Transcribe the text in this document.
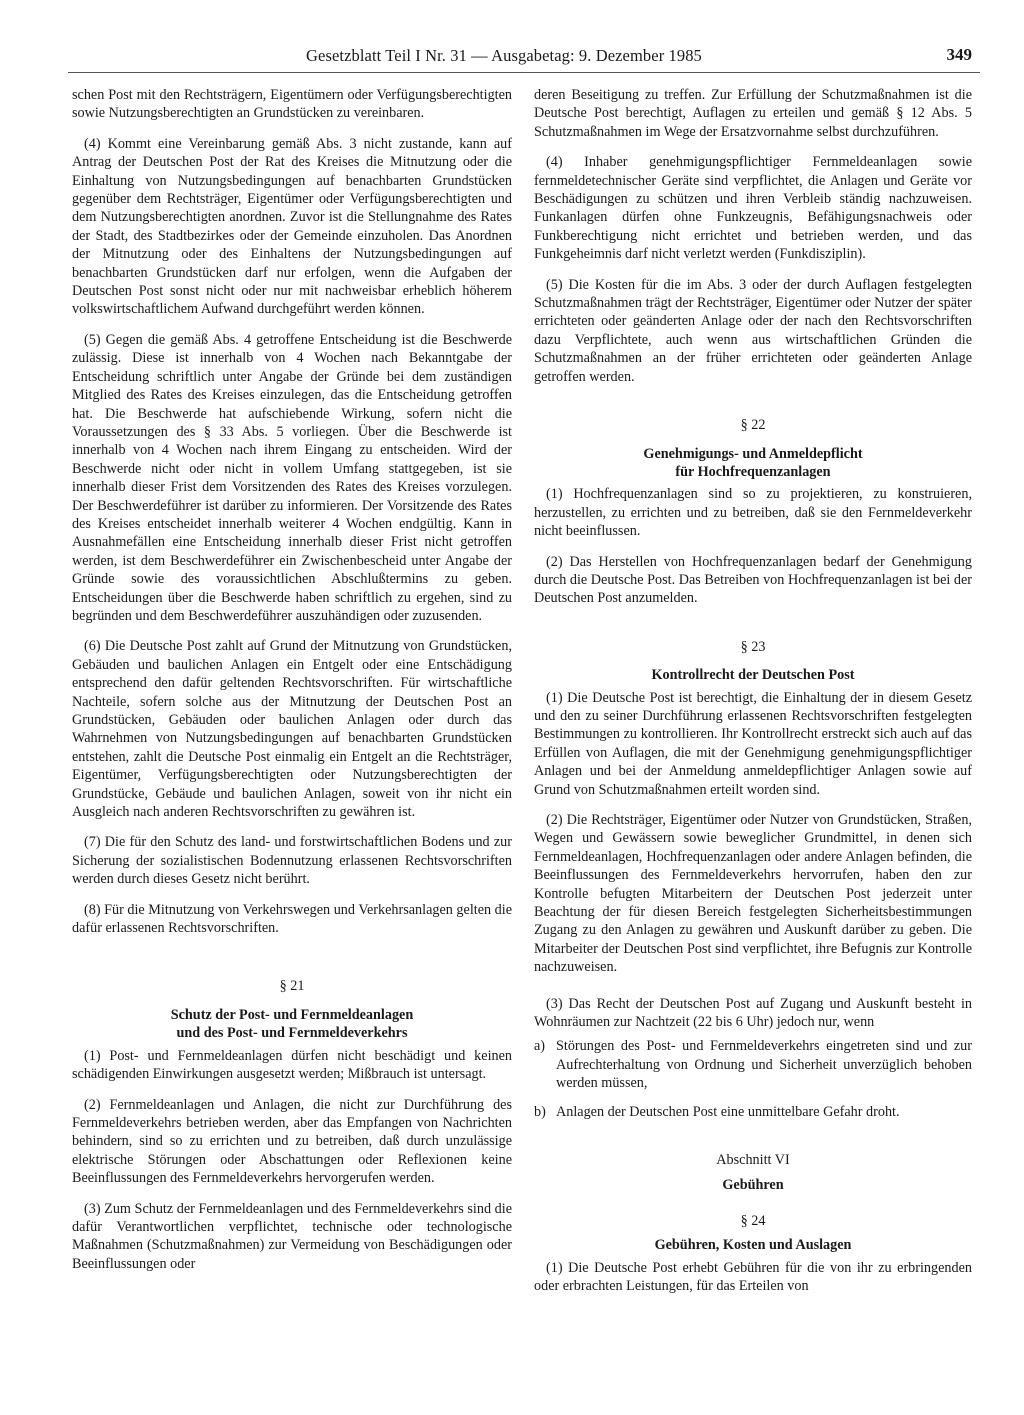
Gesetzblatt Teil I Nr. 31 — Ausgabetag: 9. Dezember 1985	349

schen Post mit den Rechtsträgern, Eigentümern oder Verfügungsberechtigten sowie Nutzungsberechtigten an Grundstücken zu vereinbaren.

(4) Kommt eine Vereinbarung gemäß Abs. 3 nicht zustande, kann auf Antrag der Deutschen Post der Rat des Kreises die Mitnutzung oder die Einhaltung von Nutzungsbedingungen auf benachbarten Grundstücken gegenüber dem Rechtsträger, Eigentümer oder Verfügungsberechtigten und dem Nutzungsberechtigten anordnen. Zuvor ist die Stellungnahme des Rates der Stadt, des Stadtbezirkes oder der Gemeinde einzuholen. Das Anordnen der Mitnutzung oder des Einhaltens der Nutzungsbedingungen auf benachbarten Grundstücken darf nur erfolgen, wenn die Aufgaben der Deutschen Post sonst nicht oder nur mit nachweisbar erheblich höherem volkswirtschaftlichem Aufwand durchgeführt werden können.

(5) Gegen die gemäß Abs. 4 getroffene Entscheidung ist die Beschwerde zulässig. Diese ist innerhalb von 4 Wochen nach Bekanntgabe der Entscheidung schriftlich unter Angabe der Gründe bei dem zuständigen Mitglied des Rates des Kreises einzulegen, das die Entscheidung getroffen hat. Die Beschwerde hat aufschiebende Wirkung, sofern nicht die Voraussetzungen des § 33 Abs. 5 vorliegen. Über die Beschwerde ist innerhalb von 4 Wochen nach ihrem Eingang zu entscheiden. Wird der Beschwerde nicht oder nicht in vollem Umfang stattgegeben, ist sie innerhalb dieser Frist dem Vorsitzenden des Rates des Kreises vorzulegen. Der Beschwerdeführer ist darüber zu informieren. Der Vorsitzende des Rates des Kreises entscheidet innerhalb weiterer 4 Wochen endgültig. Kann in Ausnahmefällen eine Entscheidung innerhalb dieser Frist nicht getroffen werden, ist dem Beschwerdeführer ein Zwischenbescheid unter Angabe der Gründe sowie des voraussichtlichen Abschlußtermins zu geben. Entscheidungen über die Beschwerde haben schriftlich zu ergehen, sind zu begründen und dem Beschwerdeführer auszuhändigen oder zuzusenden.

(6) Die Deutsche Post zahlt auf Grund der Mitnutzung von Grundstücken, Gebäuden und baulichen Anlagen ein Entgelt oder eine Entschädigung entsprechend den dafür geltenden Rechtsvorschriften. Für wirtschaftliche Nachteile, sofern solche aus der Mitnutzung der Deutschen Post an Grundstücken, Gebäuden oder baulichen Anlagen oder durch das Wahrnehmen von Nutzungsbedingungen auf benachbarten Grundstücken entstehen, zahlt die Deutsche Post einmalig ein Entgelt an die Rechtsträger, Eigentümer, Verfügungsberechtigten oder Nutzungsberechtigten der Grundstücke, Gebäude und baulichen Anlagen, soweit von ihr nicht ein Ausgleich nach anderen Rechtsvorschriften zu gewähren ist.

(7) Die für den Schutz des land- und forstwirtschaftlichen Bodens und zur Sicherung der sozialistischen Bodennutzung erlassenen Rechtsvorschriften werden durch dieses Gesetz nicht berührt.

(8) Für die Mitnutzung von Verkehrswegen und Verkehrsanlagen gelten die dafür erlassenen Rechtsvorschriften.

§ 21
Schutz der Post- und Fernmeldeanlagen
und des Post- und Fernmeldeverkehrs

(1) Post- und Fernmeldeanlagen dürfen nicht beschädigt und keinen schädigenden Einwirkungen ausgesetzt werden; Mißbrauch ist untersagt.

(2) Fernmeldeanlagen und Anlagen, die nicht zur Durchführung des Fernmeldeverkehrs betrieben werden, aber das Empfangen von Nachrichten behindern, sind so zu errichten und zu betreiben, daß durch unzulässige elektrische Störungen oder Abschattungen oder Reflexionen keine Beeinflussungen des Fernmeldeverkehrs hervorgerufen werden.

(3) Zum Schutz der Fernmeldeanlagen und des Fernmeldeverkehrs sind die dafür Verantwortlichen verpflichtet, technische oder technologische Maßnahmen (Schutzmaßnahmen) zur Vermeidung von Beschädigungen oder Beeinflussungen oder

deren Beseitigung zu treffen. Zur Erfüllung der Schutzmaßnahmen ist die Deutsche Post berechtigt, Auflagen zu erteilen und gemäß § 12 Abs. 5 Schutzmaßnahmen im Wege der Ersatzvornahme selbst durchzuführen.

(4) Inhaber genehmigungspflichtiger Fernmeldeanlagen sowie fernmeldetechnischer Geräte sind verpflichtet, die Anlagen und Geräte vor Beschädigungen zu schützen und ihren Verbleib ständig nachzuweisen. Funkanlagen dürfen ohne Funkzeugnis, Befähigungsnachweis oder Funkberechtigung nicht errichtet und betrieben werden, und das Funkgeheimnis darf nicht verletzt werden (Funkdisziplin).

(5) Die Kosten für die im Abs. 3 oder der durch Auflagen festgelegten Schutzmaßnahmen trägt der Rechtsträger, Eigentümer oder Nutzer der später errichteten oder geänderten Anlage oder der nach den Rechtsvorschriften dazu Verpflichtete, auch wenn aus wirtschaftlichen Gründen die Schutzmaßnahmen an der früher errichteten oder geänderten Anlage getroffen werden.

§ 22
Genehmigungs- und Anmeldepflicht
für Hochfrequenzanlagen

(1) Hochfrequenzanlagen sind so zu projektieren, zu konstruieren, herzustellen, zu errichten und zu betreiben, daß sie den Fernmeldeverkehr nicht beeinflussen.

(2) Das Herstellen von Hochfrequenzanlagen bedarf der Genehmigung durch die Deutsche Post. Das Betreiben von Hochfrequenzanlagen ist bei der Deutschen Post anzumelden.

§ 23
Kontrollrecht der Deutschen Post

(1) Die Deutsche Post ist berechtigt, die Einhaltung der in diesem Gesetz und den zu seiner Durchführung erlassenen Rechtsvorschriften festgelegten Bestimmungen zu kontrollieren. Ihr Kontrollrecht erstreckt sich auch auf das Erfüllen von Auflagen, die mit der Genehmigung genehmigungspflichtiger Anlagen und bei der Anmeldung anmeldepflichtiger Anlagen sowie auf Grund von Schutzmaßnahmen erteilt worden sind.

(2) Die Rechtsträger, Eigentümer oder Nutzer von Grundstücken, Straßen, Wegen und Gewässern sowie beweglicher Grundmittel, in denen sich Fernmeldeanlagen, Hochfrequenzanlagen oder andere Anlagen befinden, die Beeinflussungen des Fernmeldeverkehrs hervorrufen, haben den zur Kontrolle befugten Mitarbeitern der Deutschen Post jederzeit unter Beachtung der für diesen Bereich festgelegten Sicherheitsbestimmungen Zugang zu den Anlagen zu gewähren und Auskunft darüber zu geben. Die Mitarbeiter der Deutschen Post sind verpflichtet, ihre Befugnis zur Kontrolle nachzuweisen.

(3) Das Recht der Deutschen Post auf Zugang und Auskunft besteht in Wohnräumen zur Nachtzeit (22 bis 6 Uhr) jedoch nur, wenn

a) Störungen des Post- und Fernmeldeverkehrs eingetreten sind und zur Aufrechterhaltung von Ordnung und Sicherheit unverzüglich behoben werden müssen,
b) Anlagen der Deutschen Post eine unmittelbare Gefahr droht.
Abschnitt VI
Gebühren
§ 24
Gebühren, Kosten und Auslagen

(1) Die Deutsche Post erhebt Gebühren für die von ihr zu erbringenden oder erbrachten Leistungen, für das Erteilen von
